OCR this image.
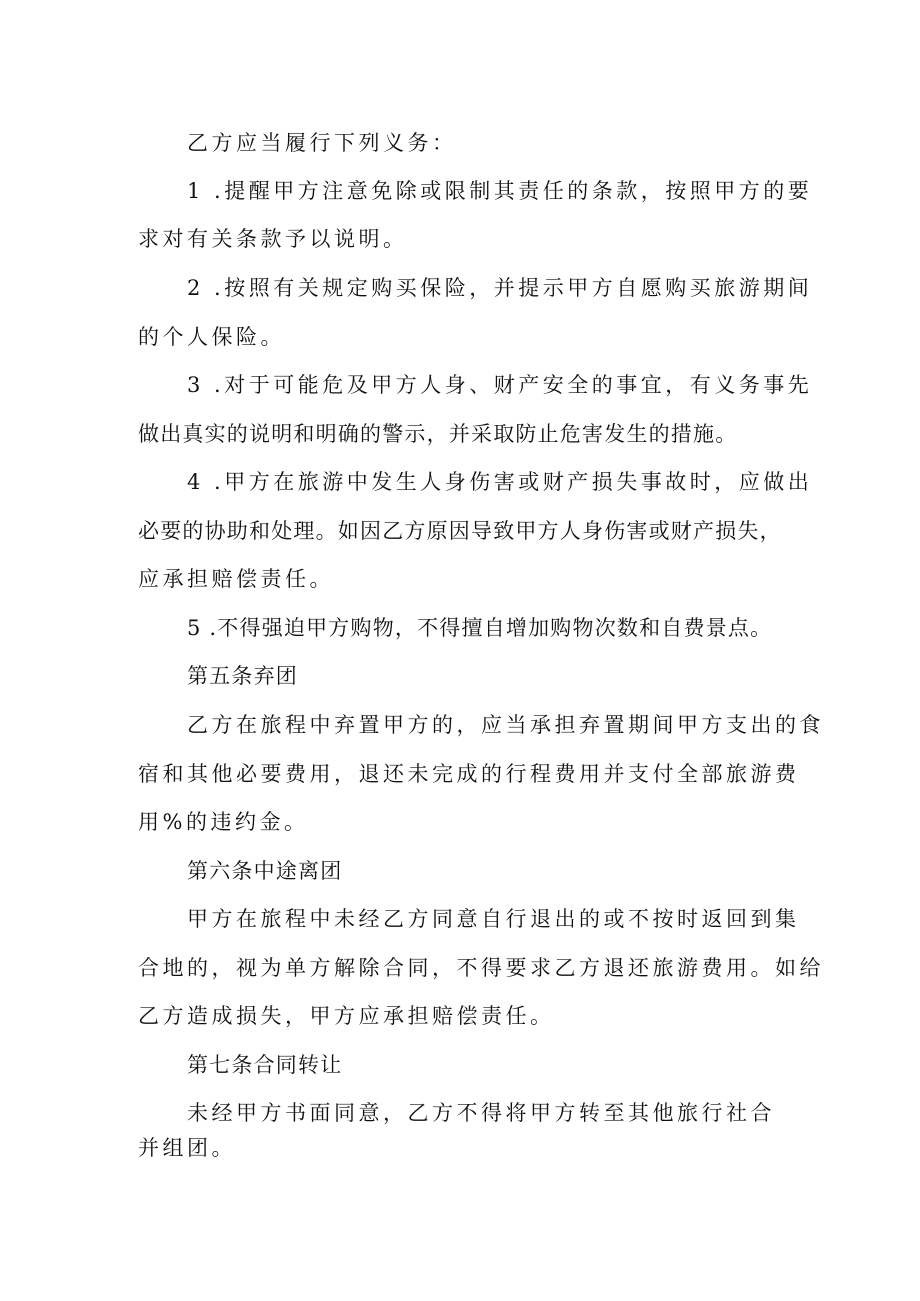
乙方应当履行下列义务：
1 .提醒甲方注意免除或限制其责任的条款，按照甲方的要
求对有关条款予以说明。
2 .按照有关规定购买保险，并提示甲方自愿购买旅游期间
的个人保险。
3 .对于可能危及甲方人身、财产安全的事宜，有义务事先
做出真实的说明和明确的警示，并采取防止危害发生的措施。
4 .甲方在旅游中发生人身伤害或财产损失事故时，应做出
必要的协助和处理。如因乙方原因导致甲方人身伤害或财产损失，
应承担赔偿责任。
5 .不得强迫甲方购物，不得擅自增加购物次数和自费景点。
第五条弃团
乙方在旅程中弃置甲方的，应当承担弃置期间甲方支出的食
宿和其他必要费用，退还未完成的行程费用并支付全部旅游费
用%的违约金。
第六条中途离团
甲方在旅程中未经乙方同意自行退出的或不按时返回到集
合地的，视为单方解除合同，不得要求乙方退还旅游费用。如给
乙方造成损失，甲方应承担赔偿责任。
第七条合同转让
未经甲方书面同意，乙方不得将甲方转至其他旅行社合
并组团。
